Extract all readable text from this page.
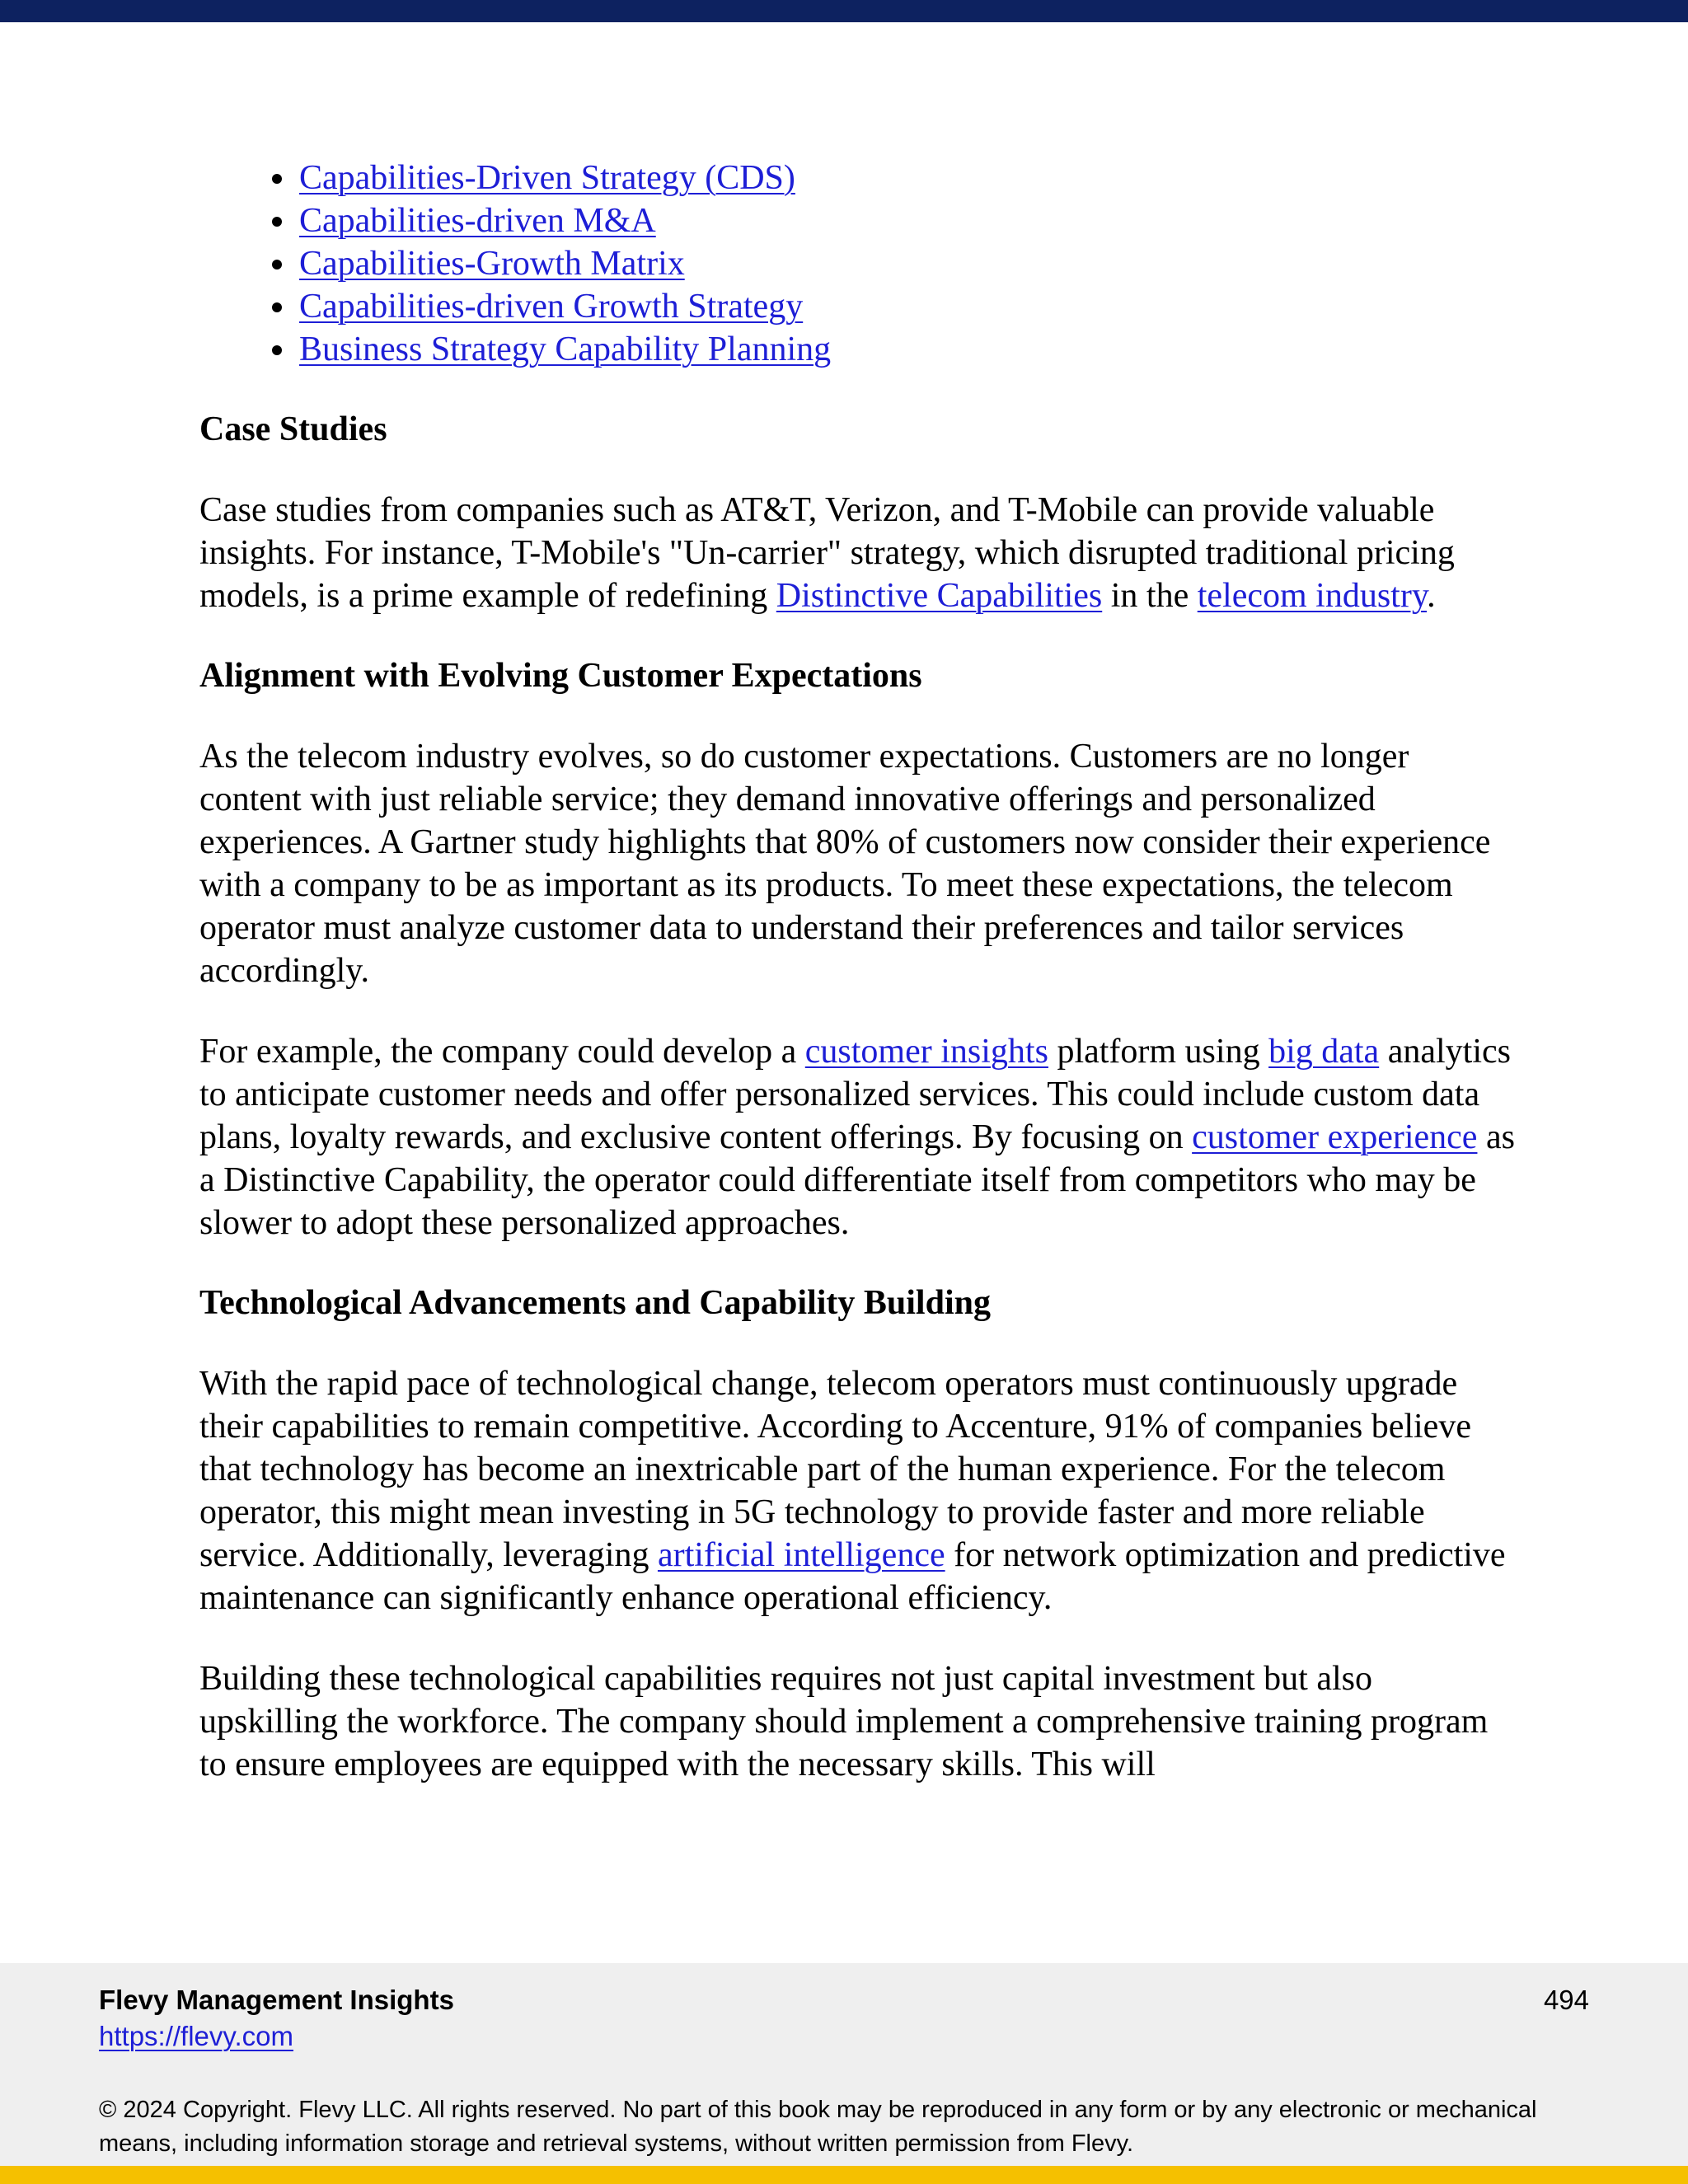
• Capabilities-Driven Strategy (CDS)
• Capabilities-driven M&A
• Capabilities-Growth Matrix
• Capabilities-driven Growth Strategy
• Business Strategy Capability Planning
Case Studies

Case studies from companies such as AT&T, Verizon, and T-Mobile can provide valuable insights. For instance, T-Mobile's "Un-carrier" strategy, which disrupted traditional pricing models, is a prime example of redefining Distinctive Capabilities in the telecom industry.

Alignment with Evolving Customer Expectations

As the telecom industry evolves, so do customer expectations. Customers are no longer content with just reliable service; they demand innovative offerings and personalized experiences. A Gartner study highlights that 80% of customers now consider their experience with a company to be as important as its products. To meet these expectations, the telecom operator must analyze customer data to understand their preferences and tailor services accordingly.

For example, the company could develop a customer insights platform using big data analytics to anticipate customer needs and offer personalized services. This could include custom data plans, loyalty rewards, and exclusive content offerings. By focusing on customer experience as a Distinctive Capability, the operator could differentiate itself from competitors who may be slower to adopt these personalized approaches.

Technological Advancements and Capability Building

With the rapid pace of technological change, telecom operators must continuously upgrade their capabilities to remain competitive. According to Accenture, 91% of companies believe that technology has become an inextricable part of the human experience. For the telecom operator, this might mean investing in 5G technology to provide faster and more reliable service. Additionally, leveraging artificial intelligence for network optimization and predictive maintenance can significantly enhance operational efficiency.

Building these technological capabilities requires not just capital investment but also upskilling the workforce. The company should implement a comprehensive training program to ensure employees are equipped with the necessary skills. This will

Flevy Management Insights
https://flevy.com
494
© 2024 Copyright. Flevy LLC. All rights reserved. No part of this book may be reproduced in any form or by any electronic or mechanical means, including information storage and retrieval systems, without written permission from Flevy.
